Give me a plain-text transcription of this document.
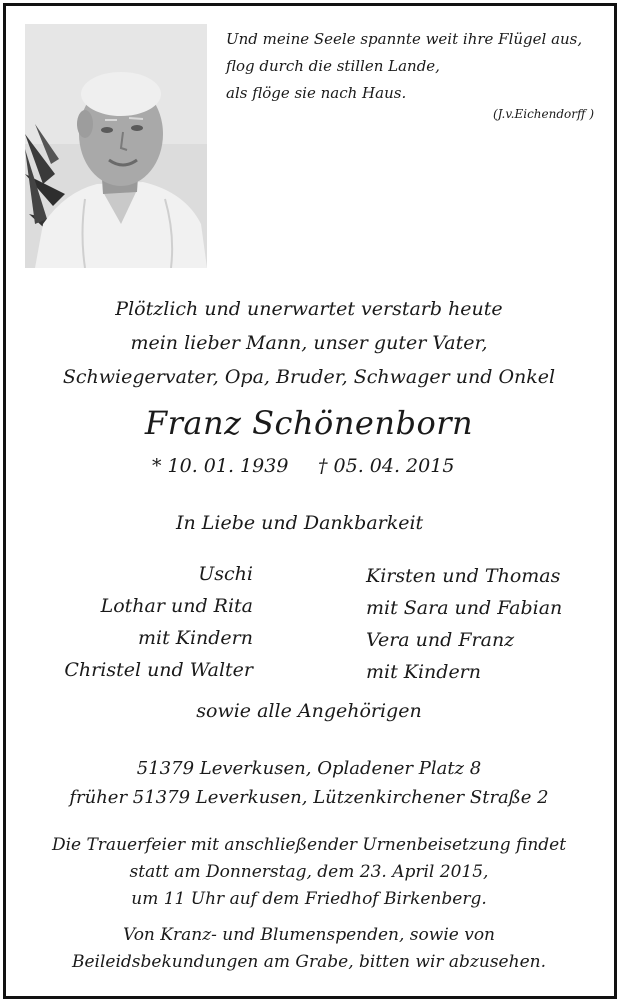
Und meine Seele spannte weit ihre Flügel aus,
flog durch die stillen Lande,
als flöge sie nach Haus.
(J.v.Eichendorff )
Plötzlich und unerwartet verstarb heute
mein lieber Mann, unser guter Vater,
Schwiegervater, Opa, Bruder, Schwager und Onkel
Franz Schönenborn
* 10. 01. 1939 † 05. 04. 2015
In Liebe und Dankbarkeit
Uschi
Lothar und Rita
mit Kindern
Christel und Walter
Kirsten und Thomas
mit Sara und Fabian
Vera und Franz
mit Kindern
sowie alle Angehörigen
51379 Leverkusen, Opladener Platz 8
früher 51379 Leverkusen, Lützenkirchener Straße 2
Die Trauerfeier mit anschließender Urnenbeisetzung findet
statt am Donnerstag, dem 23. April 2015,
um 11 Uhr auf dem Friedhof Birkenberg.
Von Kranz- und Blumenspenden, sowie von
Beileidsbekundungen am Grabe, bitten wir abzusehen.
